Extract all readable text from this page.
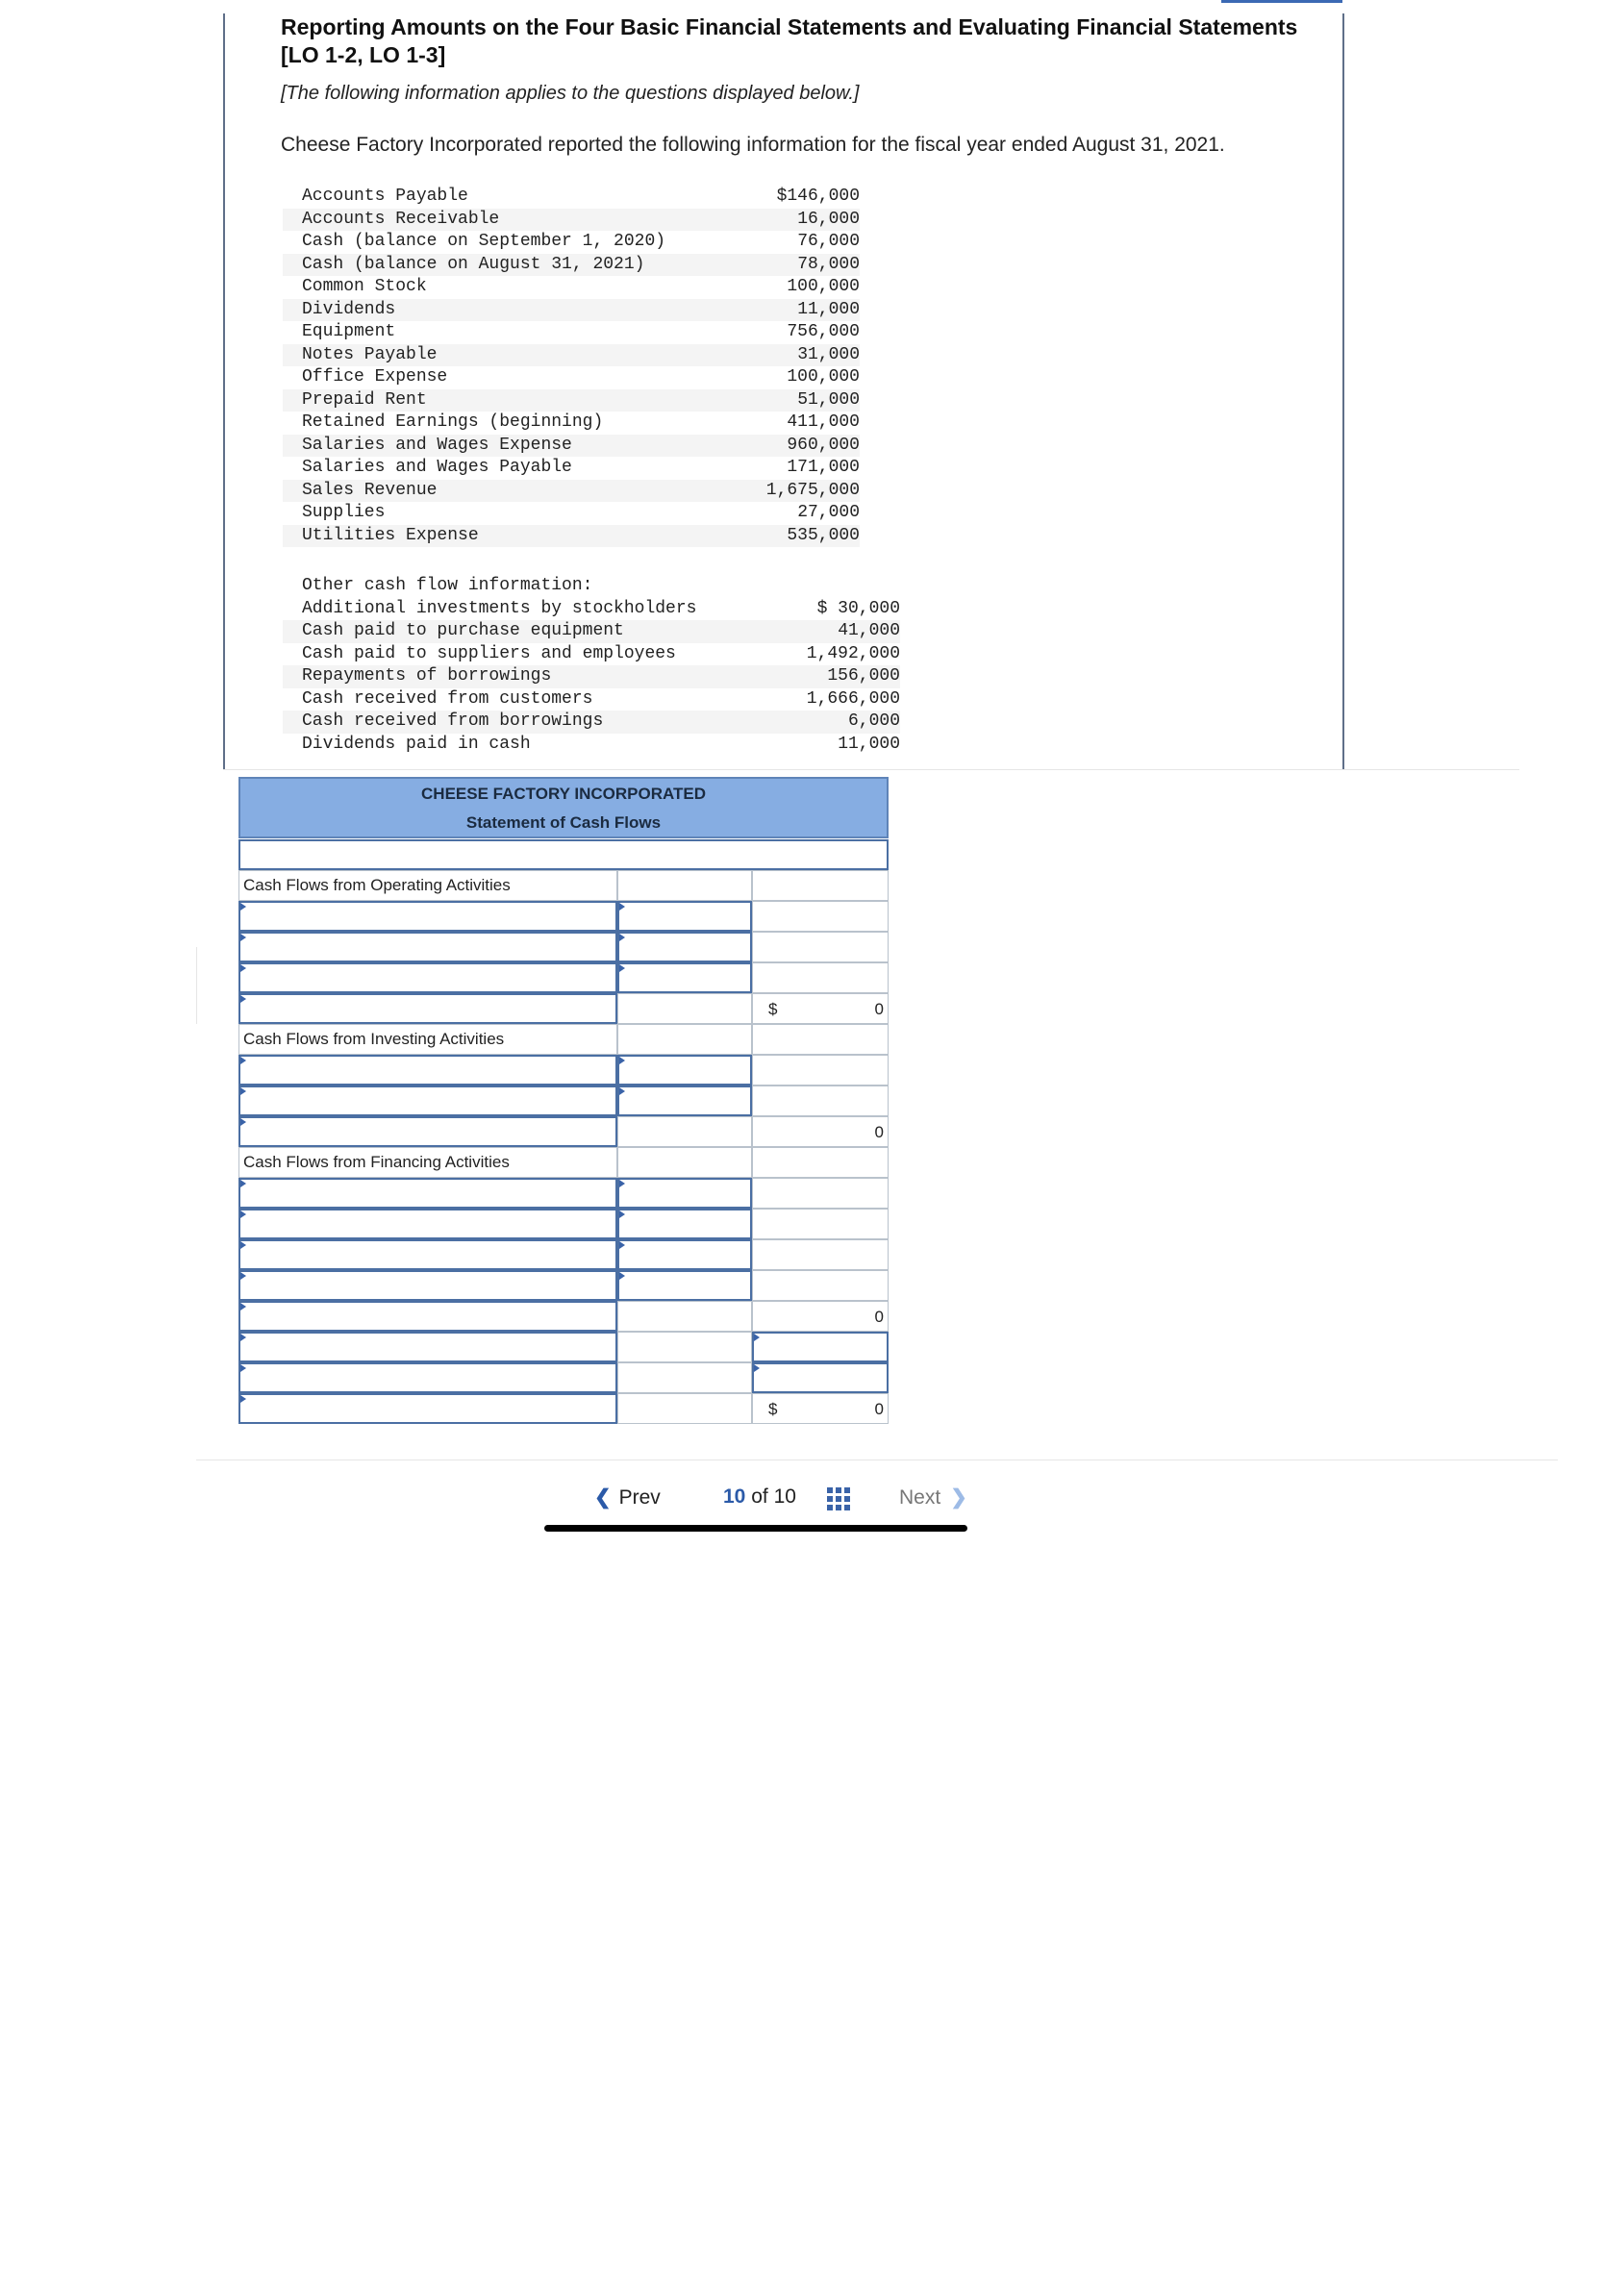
Reporting Amounts on the Four Basic Financial Statements and Evaluating Financial Statements [LO 1-2, LO 1-3]
[The following information applies to the questions displayed below.]
Cheese Factory Incorporated reported the following information for the fiscal year ended August 31, 2021.
Accounts Payable	$146,000
Accounts Receivable	16,000
Cash (balance on September 1, 2020)	76,000
Cash (balance on August 31, 2021)	78,000
Common Stock	100,000
Dividends	11,000
Equipment	756,000
Notes Payable	31,000
Office Expense	100,000
Prepaid Rent	51,000
Retained Earnings (beginning)	411,000
Salaries and Wages Expense	960,000
Salaries and Wages Payable	171,000
Sales Revenue	1,675,000
Supplies	27,000
Utilities Expense	535,000
Other cash flow information:
Additional investments by stockholders	$ 30,000
Cash paid to purchase equipment	41,000
Cash paid to suppliers and employees	1,492,000
Repayments of borrowings	156,000
Cash received from customers	1,666,000
Cash received from borrowings	6,000
Dividends paid in cash	11,000
CHEESE FACTORY INCORPORATED
Statement of Cash Flows
Cash Flows from Operating Activities
$	0
Cash Flows from Investing Activities
0
Cash Flows from Financing Activities
0
$	0
❮ Prev	10 of 10	Next ❯
